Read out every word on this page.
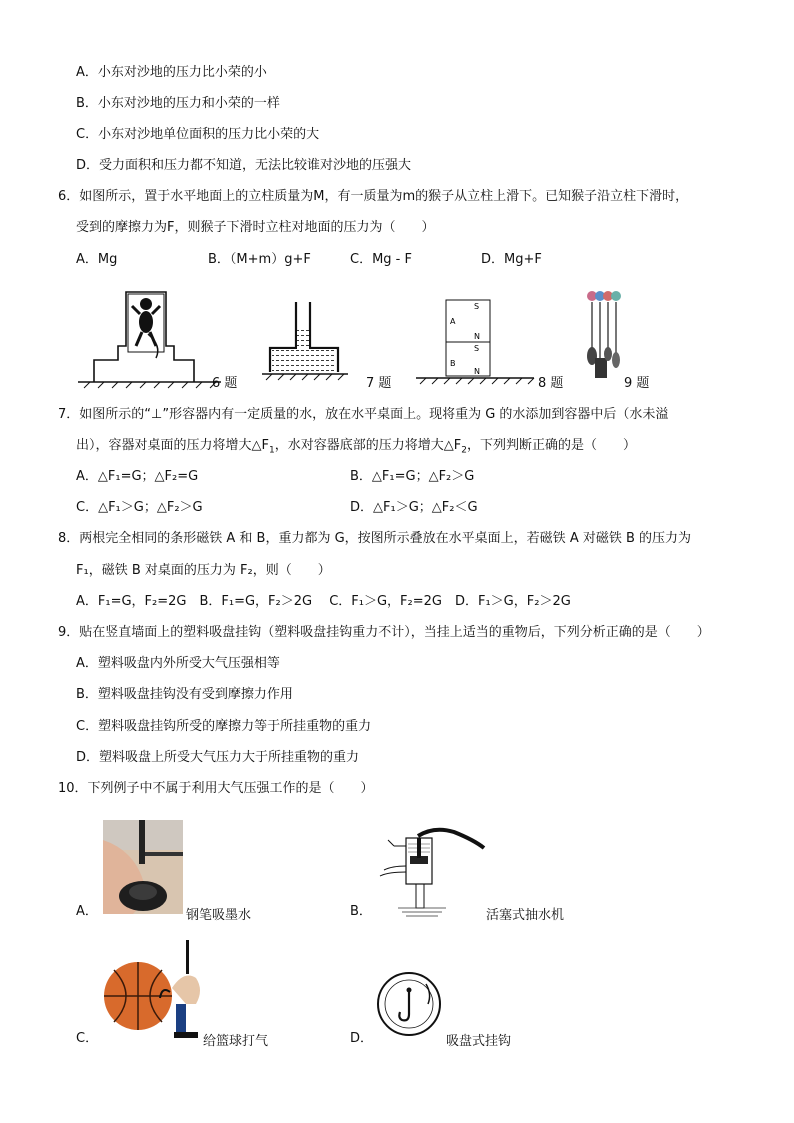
A．小东对沙地的压力比小荣的小
B．小东对沙地的压力和小荣的一样
C．小东对沙地单位面积的压力比小荣的大
D．受力面积和压力都不知道，无法比较谁对沙地的压强大
6．如图所示，置于水平地面上的立柱质量为M，有一质量为m的猴子从立柱上滑下。已知猴子沿立柱下滑时，
受到的摩擦力为F，则猴子下滑时立柱对地面的压力为（　　）
A．Mg	B．（M+m）g+F	C．Mg - F	D．Mg+F
6 题	7 题
A
S
N
B
S
N
8 题	9 题
7．如图所示的“⊥”形容器内有一定质量的水，放在水平桌面上。现将重为 G 的水添加到容器中后（水未溢
出），容器对桌面的压力将增大$\triangle F_1$，水对容器底部的压力将增大$\triangle F_2$，下列判断正确的是（　　）
A．△F₁=G；△F₂=G	B．△F₁=G；△F₂＞G
C．△F₁＞G；△F₂＞G	D．△F₁＞G；△F₂＜G
8．两根完全相同的条形磁铁 A 和 B，重力都为 G，按图所示叠放在水平桌面上，若磁铁 A 对磁铁 B 的压力为
F₁，磁铁 B 对桌面的压力为 F₂，则（　　）
A．F₁=G，F₂=2G　B．F₁=G，F₂＞2G　 C．F₁＞G，F₂=2G　D．F₁＞G，F₂＞2G
9．贴在竖直墙面上的塑料吸盘挂钩（塑料吸盘挂钩重力不计），当挂上适当的重物后，下列分析正确的是（　　）
A．塑料吸盘内外所受大气压强相等
B．塑料吸盘挂钩没有受到摩擦力作用
C．塑料吸盘挂钩所受的摩擦力等于所挂重物的重力
D．塑料吸盘上所受大气压力大于所挂重物的重力
10．下列例子中不属于利用大气压强工作的是（　　）
A．	钢笔吸墨水	B．	活塞式抽水机
C．	给篮球打气	D．	吸盘式挂钩
